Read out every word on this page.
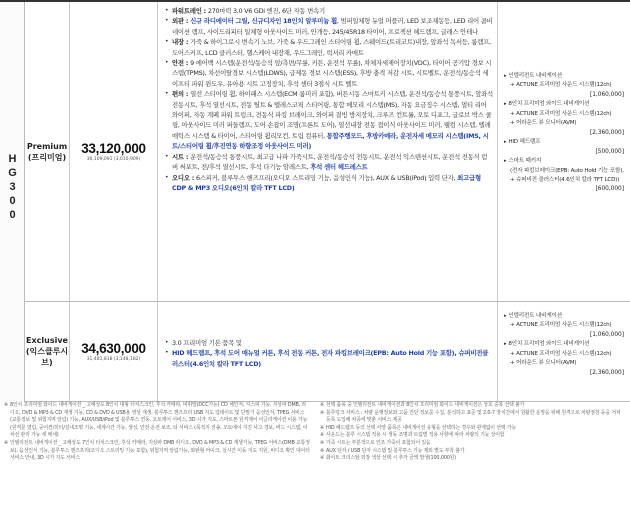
H
G
3
0
0
Premium
(프리미엄)
33,120,000
30,109,091 (3,010,909)
• 파워트레인 : 270마력 3.0 V6 GDi 엔진, 6단 자동 변속기
• 외관 : 신규 라디에이터 그릴, 신규디자인 18인치 알루미늄 휠, 범퍼일체형 듀얼 머플러, LED 보조제동등, LED 리어 콤비네이션 램프, 사이드리피터 일체형 아웃사이드 미러, 안개등, 245/45R18 타이어, 프로젝션 헤드램프, 글래스 안테나
• 내장 : 가죽 & 하이그로시 변속기 노브, 가죽 & 우드그레인 스티어링 휠, 스웨이드(트리코트)내장, 앞좌석 독서등, 룸램프, 도어스커프, LCD 클러스터, 헬스케어 내장재, 우드그레인, 럭셔리 카매트
• 안전 : 9 에어백 시스템(운전석/동승석 앞/측면/무릎, 커튼, 운전석 무릎), 차체자세제어장치(VDC), 타이어 공기압 경보 시스템(TPMS), 차선이탈경보 시스템(LDWS), 급제동 경보 시스템(ESS), 후방 충격 저감 시트, 시트벨트, 운전석/동승석 세이프티 파워 윈도우, 유아용 시트 고정장치, 후석 센터 3점식 시트 벨트
• 편의 : 열선 스티어링 휠, 하이패스 시스템(ECM 룸미러 포함), 버튼시동 스마트키 시스템, 운전석/동승석 통풍시트, 앞좌석 전동시트, 후석 열선시트, 전동 틸트 & 텔레스코픽 스티어링, 통합 메모리 시스템(MS), 자동 요금징수 시스템, 멀티 리어 와이퍼, 자동 개폐 파워 트렁크, 전동식 파킹 브레이크, 와이퍼 결빙 방지장치, 크루즈 컨트롤, 오토 디포그, 글로브 박스 쿨링, 아웃사이드 미러 퍼들램프, 도어 손잡이 조명(프론트 도어), 열선내장 전동 접이식 아웃사이드 미러, 웰컴 시스템, 텔레매틱스 시스템 & 타이어, 스티어링 휠리모컨, 트립 컴퓨터, 통합주행모드, 후방카메라, 운전자세 메모리 시스템(IMS, 시트/스티어링 휠/후진연동 하향조정 아웃사이드 미러)
• 시트 : 운전석/동승석 통풍시트, 최고급 나파 가죽시트, 운전석/동승석 전동시트, 운전석 익스텐션시트, 운전석 전동식 럼버 써포트, 전/후석 열선시트, 후석 다기능 암레스트, 후석 센터 헤드레스트
• 오디오 : 6스피커, 블루투스 핸즈프리(오디오 스트리밍 기능, 음성인식 기능), AUX & USB(iPod) 입력 단자, 최고급형 CDP & MP3 오디오(6인치 칼라 TFT LCD)
▸ 인텔리전트 내비게이션
+ ACTUNE 프리미엄 사운드 시스템(12ch)
[1,060,000]
▸ 8인치 프리미엄 와이드 내비게이션
+ ACTUNE 프리미엄 사운드 시스템(12ch)
+ 어라운드 뷰 모니터(AVM)
[2,360,000]
▸ HID 헤드램프
[500,000]
▸ 스마트 패키지
(전자 파킹브레이크(EPB: Auto Hold 기능 포함),
+ 슈퍼비전 클러스터(4.6인치 칼라 TFT LCD))
[600,000]
Exclusive
(익스클루시브)
34,630,000
31,481,818 (3,148,182)
• 3.0 프리미엄 기본 품목 및
• HID 헤드램프, 후석 도어 매뉴얼 커튼, 후석 전동 커튼, 전자 파킹브레이크(EPB: Auto Hold 기능 포함), 슈퍼비전클러스터(4.6인치 칼라 TFT LCD)
▸ 인텔리전트 내비게이션
+ ACTUNE 프리미엄 사운드 시스템(12ch)
[1,060,000]
▸ 8인치 프리미엄 와이드 내비게이션
+ ACTUNE 프리미엄 사운드 시스템(12ch)
+ 어라운드 뷰 모니터(AVM)
[2,360,000]
※ 8인치 프리미엄 와이드 내비게이션 _ 고해상도 8인치 대형 터치스크린, 후석 카메라, 비휘발(DCC가능) CD 체인저, 지스피 기능, 지상파 DMB, 라디오, DVD & MP3 & CD 재생 기능, CD & DVD & USB용 영상 재생, 블루투스 핸즈프리 USB 지도 업데이트 및 단말기 음성인식, TPEG 서비스(교통정보 및 위험지역 알림) 기능, AUX/USB/iPod 및 블루투스 연동, 오토캐어 서비스, 3D 시가 지도, 스마트폰 원격제어 이글리케이션 이용 가능(원격문 열림, 공어컨/히터/실내조명 기능, 세계시간 기능, 생성, 안전 운전 보조, 티 서비스 (목적지 전송, 오토에이 지진 사고 경보, 버드 시스템, 이차선 관리 가능 세 메세)
※ 인텔리전트 내비게이션 _ 고해상도 7인치 터치스크린, 후석 카메라, 지상파 DMB 라디오, DVD & MP3 & CD 재생기능, TPEG 서비스(DMB 교통정보), 음성인식 기능, 블루투스 핸즈프리(오디오 스트리밍 기능 포함), 위험지역 알림기능, 와완형 마이크, 실시간 이동 지도 지원, 비디오 확인 대이터 서비스 안내, 3D 시가 지도 서비스
※ 선택 품목 중 인텔리전트 내비게이션과 8인치 프리미엄 와이드 내비게이션은 상호 중복 선택 불가
※ 블루링크 서비스 : 차량 운행정보와 고품 진단 정보를 수집, 분석하고 표준 및 2.0-7 장치간에서 원활한 운영을 위해 원격으로 차량점검 등을 거쳐 등록 도입해 차종에 맞춘 서비스 제공
※ HID 헤드램프 등의 선택 사양 품목은 내비게이션 유형을 선택하는 경우와 관계없이 선택 가능
※ 사운드는 블루 시스템 적용 시 생동 조명과 트림별 적용 사항에 따라 차량의 기능 상이함
※ 가죽 시트는 부분적으로 인조 가죽이 포함되어 있음
※ AUX 단자 / USB 단자 시스템 및 블루투스 기능 제외 별도 부착 불가
※ 화이트 크리스탈 외장 색상 선택 시 추가 금액 발생(100,000원)
